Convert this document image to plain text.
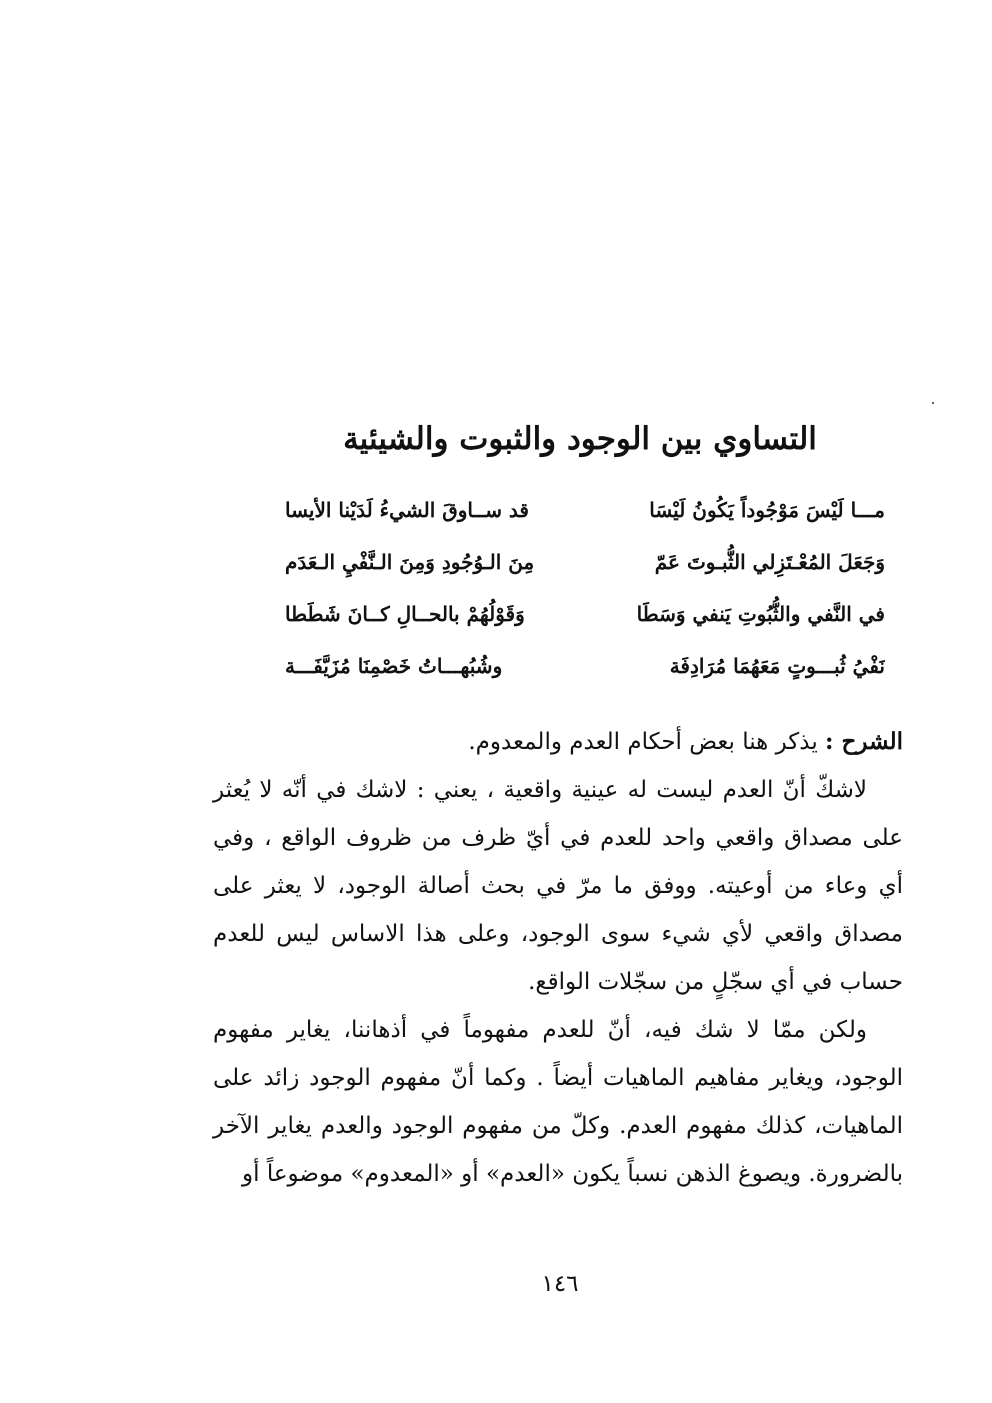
التساوي بين الوجود والثبوت والشيئية
قد ســاوقَ الشيءُ لَدَيْنا الأيسا	مـــا لَيْسَ مَوْجُوداً يَكُونُ لَيْسَا
مِنَ الـوُجُودِ وَمِنَ الـنَّفْيِ الـعَدَم	وَجَعَلَ المُعْـتَزِلي الثُّبـوتَ عَمّ
وَقَوْلُهُمْ بالحــالِ كــانَ شَطَطا	في النَّفي والثُّبُوتِ يَنفي وَسَطَا
وشُبُهـــاتُ خَصْمِنَا مُزَيَّفَـــة	نَفْيُ ثُبـــوتٍ مَعَهُمَا مُرَادِفَة

الشرح : يذكر هنا بعض أحكام العدم والمعدوم.

لاشكّ أنّ العدم ليست له عينية واقعية ، يعني : لاشك في أنّه لا يُعثر على مصداق واقعي واحد للعدم في أيّ ظرف من ظروف الواقع ، وفي أي وعاء من أوعيته. ووفق ما مرّ في بحث أصالة الوجود، لا يعثر على مصداق واقعي لأي شيء سوى الوجود، وعلى هذا الاساس ليس للعدم حساب في أي سجّلٍ من سجّلات الواقع.

ولكن ممّا لا شك فيه، أنّ للعدم مفهوماً في أذهاننا، يغاير مفهوم الوجود، ويغاير مفاهيم الماهيات أيضاً . وكما أنّ مفهوم الوجود زائد على الماهيات، كذلك مفهوم العدم. وكلّ من مفهوم الوجود والعدم يغاير الآخر بالضرورة. ويصوغ الذهن نسباً يكون «العدم» أو «المعدوم» موضوعاً أو

١٤٦
